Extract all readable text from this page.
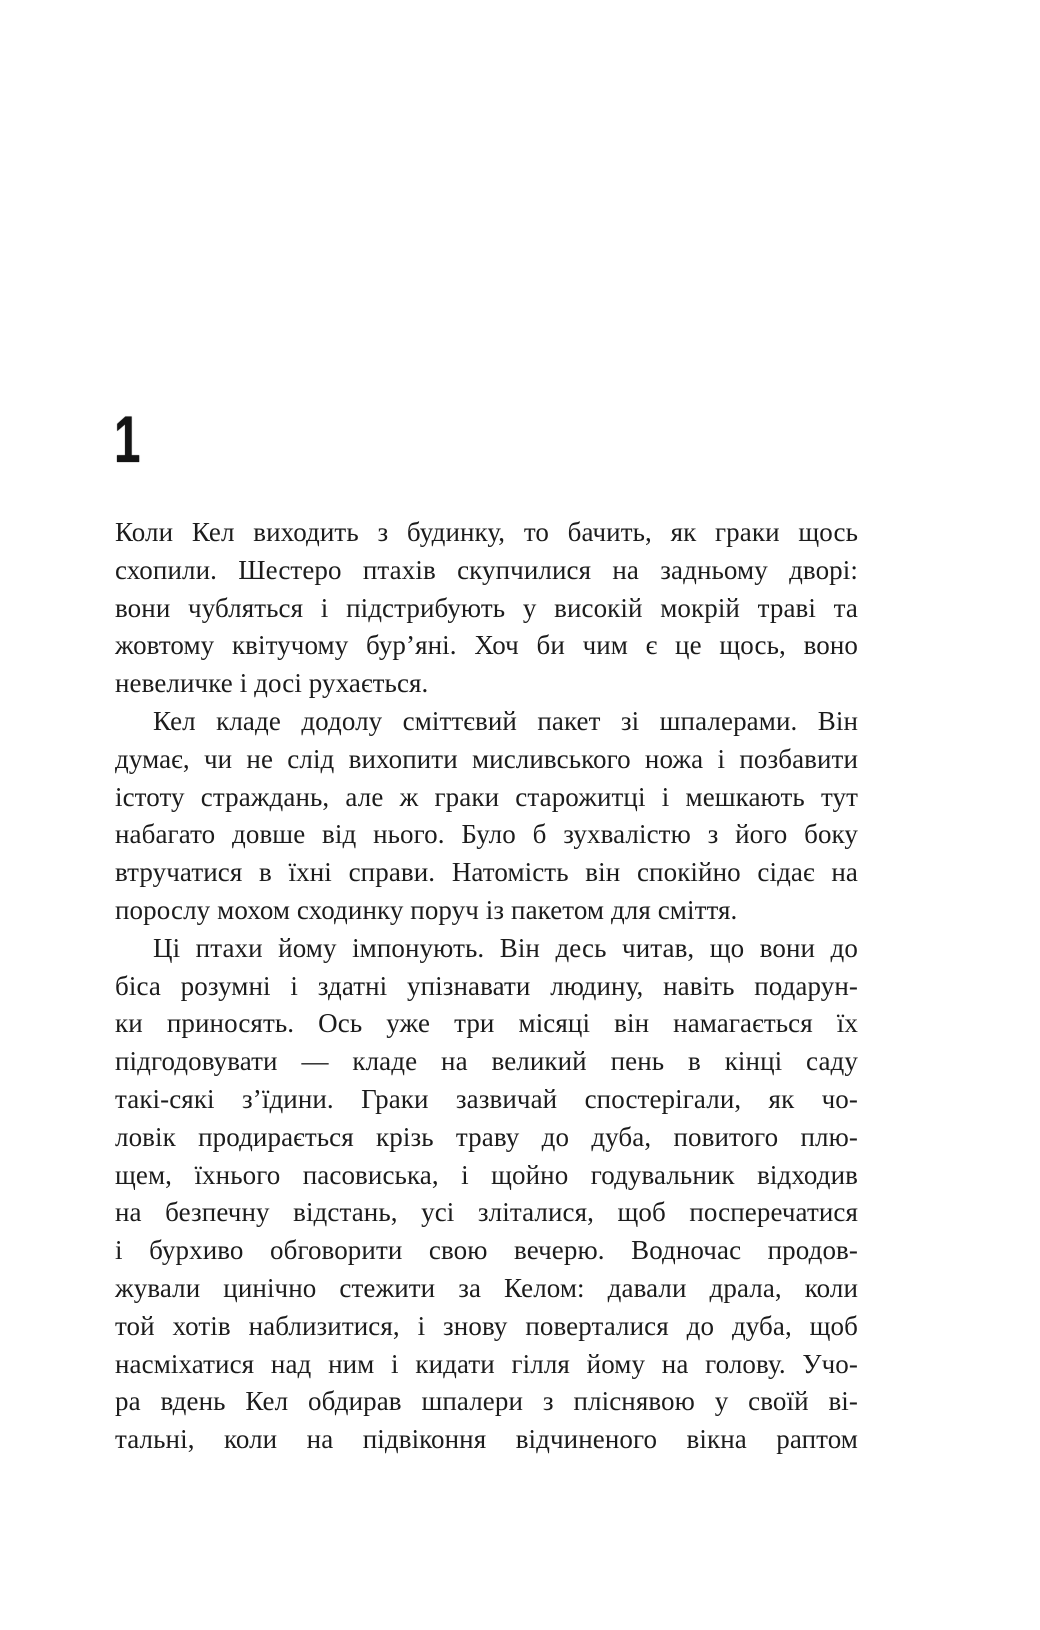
1
Коли Кел виходить з будинку, то бачить, як граки щось
схопили. Шестеро птахів скупчилися на задньому дворі:
вони чубляться і підстрибують у високій мокрій траві та
жовтому квітучому бур’яні. Хоч би чим є це щось, воно
невеличке і досі рухається.
Кел кладе додолу сміттєвий пакет зі шпалерами. Він
думає, чи не слід вихопити мисливського ножа і позбавити
істоту страждань, але ж граки старожитці і мешкають тут
набагато довше від нього. Було б зухвалістю з його боку
втручатися в їхні справи. Натомість він спокійно сідає на
порослу мохом сходинку поруч із пакетом для сміття.
Ці птахи йому імпонують. Він десь читав, що вони до
біса розумні і здатні упізнавати людину, навіть подарун-
ки приносять. Ось уже три місяці він намагається їх
підгодовувати — кладе на великий пень в кінці саду
такі-сякі з’їдини. Граки зазвичай спостерігали, як чо-
ловік продирається крізь траву до дуба, повитого плю-
щем, їхнього пасовиська, і щойно годувальник відходив
на безпечну відстань, усі зліталися, щоб посперечатися
і бурхиво обговорити свою вечерю. Водночас продов-
жували цинічно стежити за Келом: давали драла, коли
той хотів наблизитися, і знову поверталися до дуба, щоб
насміхатися над ним і кидати гілля йому на голову. Учо-
ра вдень Кел обдирав шпалери з пліснявою у своїй ві-
тальні, коли на підвіконня відчиненого вікна раптом
